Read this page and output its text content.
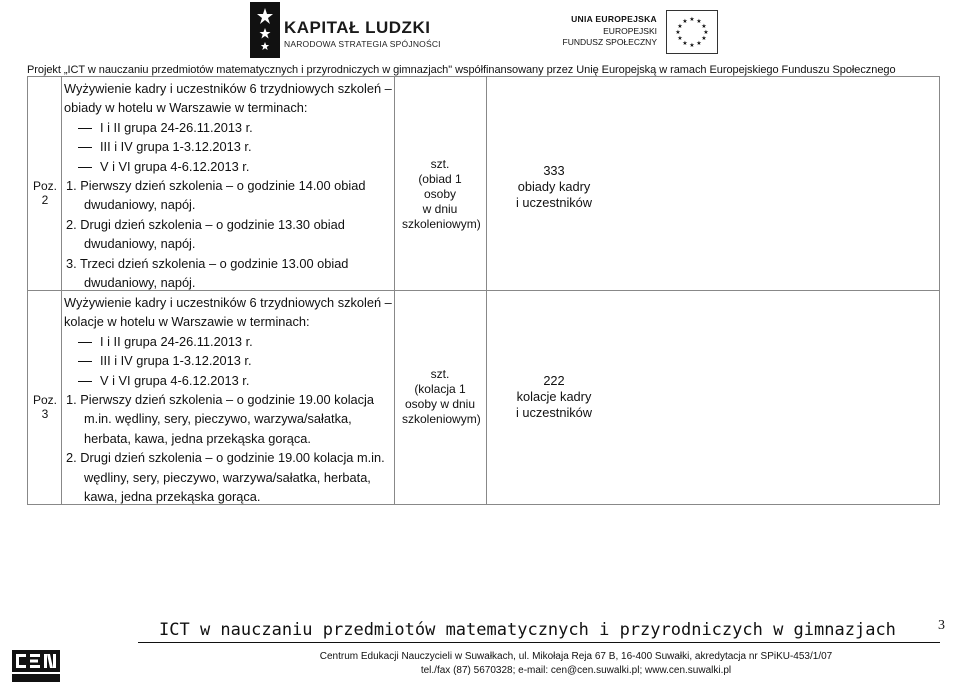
KAPITAŁ LUDZKI
NARODOWA STRATEGIA SPÓJNOŚCI
UNIA EUROPEJSKA
EUROPEJSKI
FUNDUSZ SPOŁECZNY
★ ★
★
★
★
★
★
★
★
★
★
★
Projekt „ICT w nauczaniu przedmiotów matematycznych i przyrodniczych w gimnazjach" współfinansowany przez Unię Europejską w ramach Europejskiego Funduszu Społecznego
Poz. 2
Wyżywienie kadry i uczestników 6 trzydniowych szkoleń –
obiady w hotelu w Warszawie w terminach:
I i II grupa 24-26.11.2013 r.
III i IV grupa 1-3.12.2013 r.
V i VI grupa 4-6.12.2013 r.
1. Pierwszy dzień szkolenia – o godzinie 14.00 obiad
dwudaniowy, napój.
2. Drugi dzień szkolenia – o godzinie 13.30 obiad
dwudaniowy, napój.
3. Trzeci dzień szkolenia – o godzinie 13.00 obiad
dwudaniowy, napój.
szt.
(obiad 1 osoby
w dniu
szkoleniowym)
333
obiady kadry
i uczestników
Poz. 3
Wyżywienie kadry i uczestników 6 trzydniowych szkoleń –
kolacje w hotelu w Warszawie w terminach:
I i II grupa 24-26.11.2013 r.
III i IV grupa 1-3.12.2013 r.
V i VI grupa 4-6.12.2013 r.
1. Pierwszy dzień szkolenia – o godzinie 19.00 kolacja
m.in. wędliny, sery, pieczywo, warzywa/sałatka,
herbata, kawa, jedna przekąska gorąca.
2. Drugi dzień szkolenia – o godzinie 19.00 kolacja m.in.
wędliny, sery, pieczywo, warzywa/sałatka, herbata,
kawa, jedna przekąska gorąca.
szt.
(kolacja 1
osoby w dniu
szkoleniowym)
222
kolacje kadry
i uczestników
ICT w nauczaniu przedmiotów matematycznych i przyrodniczych w gimnazjach	3
Centrum Edukacji Nauczycieli w Suwałkach, ul. Mikołaja Reja 67 B, 16-400 Suwałki, akredytacja nr SPiKU-453/1/07
tel./fax (87) 5670328; e-mail: cen@cen.suwalki.pl; www.cen.suwalki.pl
